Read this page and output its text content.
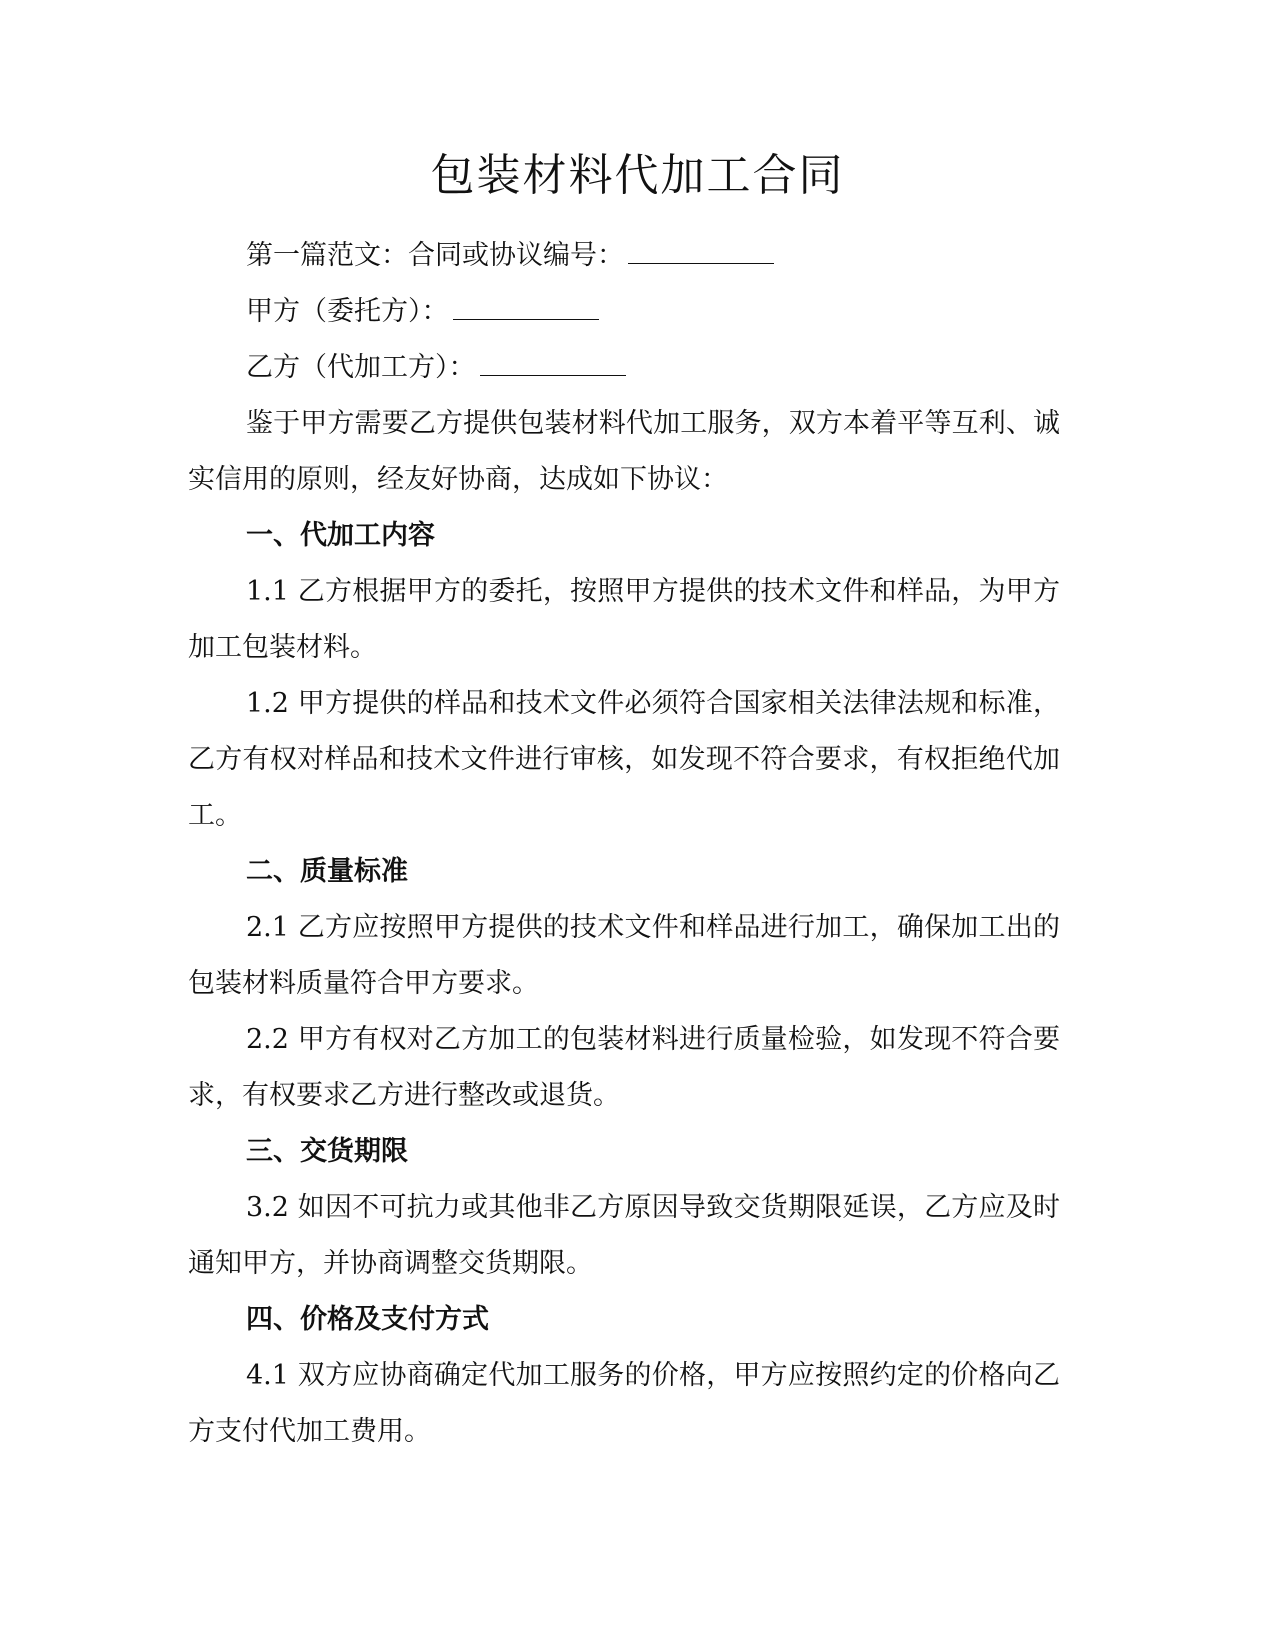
包装材料代加工合同

第一篇范文：合同或协议编号：

甲方（委托方）：

乙方（代加工方）：

鉴于甲方需要乙方提供包装材料代加工服务，双方本着平等互利、诚实信用的原则，经友好协商，达成如下协议：

一、代加工内容

1.1 乙方根据甲方的委托，按照甲方提供的技术文件和样品，为甲方加工包装材料。

1.2 甲方提供的样品和技术文件必须符合国家相关法律法规和标准，乙方有权对样品和技术文件进行审核，如发现不符合要求，有权拒绝代加工。

二、质量标准

2.1 乙方应按照甲方提供的技术文件和样品进行加工，确保加工出的包装材料质量符合甲方要求。

2.2 甲方有权对乙方加工的包装材料进行质量检验，如发现不符合要求，有权要求乙方进行整改或退货。

三、交货期限

3.2 如因不可抗力或其他非乙方原因导致交货期限延误，乙方应及时通知甲方，并协商调整交货期限。

四、价格及支付方式

4.1 双方应协商确定代加工服务的价格，甲方应按照约定的价格向乙方支付代加工费用。
